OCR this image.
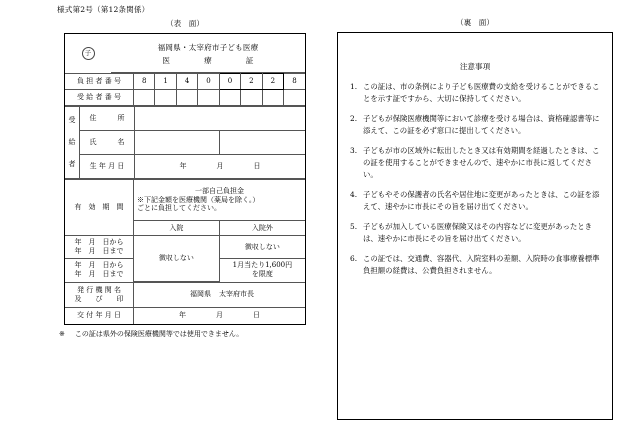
様式第2号（第12条関係）
（表　面）
子	
福岡県・太宰府市子ども医療
医	療	証
負 担 者 番 号	8	1	4	0	0	2	2	8
受 給 者 番 号								
受
給
者	住　　　所		
	氏　　　名		
	生 年 月 日	年 月 日	
有　効　期　間	一部自己負担金
※下記金額を医療機関（薬局を除く。）
ごとに負担してください。	

	入院	入院外

年　月　日から
年　月　日まで	徴収しない	徴収しない

年　月　日から
年　月　日まで		1月当たり1,600円
を限度
発 行 機 関 名
及　　び　　印	福岡県 太宰府市長
交 付 年 月 日	年 月 日
※ この証は県外の保険医療機関等では使用できません。
（裏　面）
注意事項
1. この証は、市の条例により子ども医療費の支給を受けることができることを示す証ですから、大切に保持してください。
2. 子どもが保険医療機関等において診療を受ける場合は、資格確認書等に添えて、この証を必ず窓口に提出してください。
3. 子どもが市の区域外に転出したとき又は有効期間を経過したときは、この証を使用することができませんので、速やかに市長に返してください。
4. 子どもやその保護者の氏名や居住地に変更があったときは、この証を添えて、速やかに市長にその旨を届け出てください。
5. 子どもが加入している医療保険又はその内容などに変更があったときは、速やかに市長にその旨を届け出てください。
6. この証では、交通費、容器代、入院室料の差額、入院時の食事療養標準負担額の経費は、公費負担されません。
